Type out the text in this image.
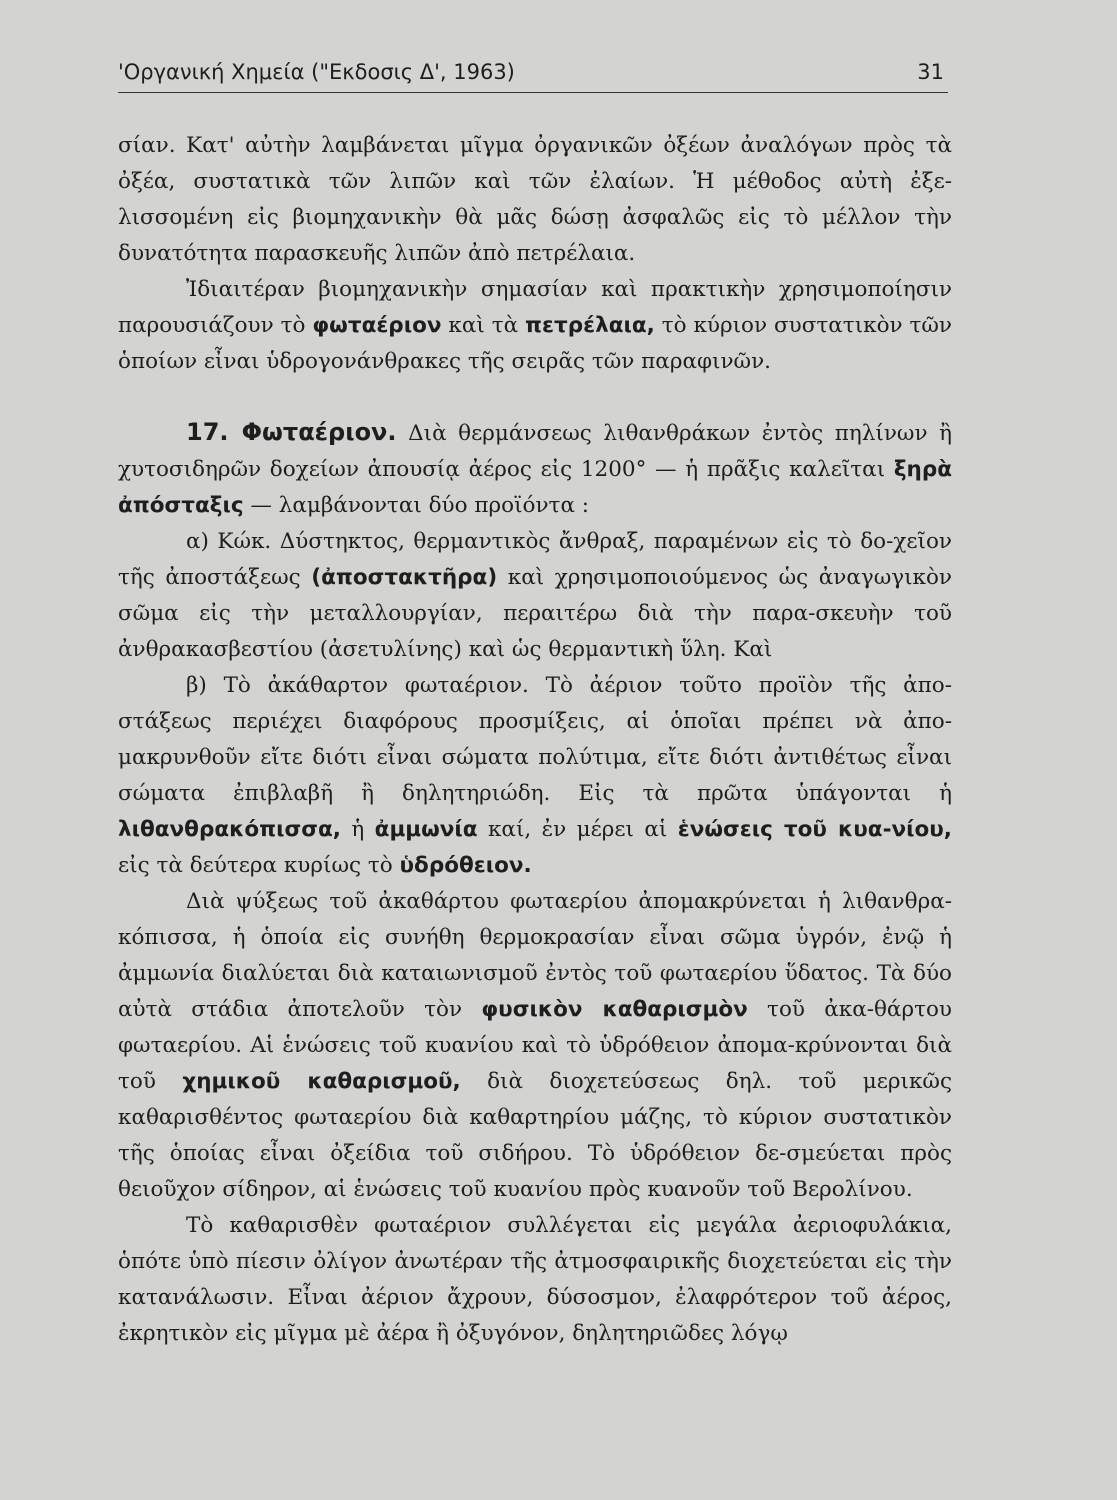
'Οργανική Χημεία ("Εκδοσις Δ', 1963)	31

σίαν. Κατ' αὐτὴν λαμβάνεται μῖγμα ὀργανικῶν ὀξέων ἀναλόγων πρὸς τὰ ὀξέα, συστατικὰ τῶν λιπῶν καὶ τῶν ἐλαίων. Ἡ μέθοδος αὐτὴ ἐξε-λισσομένη εἰς βιομηχανικὴν θὰ μᾶς δώσῃ ἀσφαλῶς εἰς τὸ μέλλον τὴν δυνατότητα παρασκευῆς λιπῶν ἀπὸ πετρέλαια.

Ἰδιαιτέραν βιομηχανικὴν σημασίαν καὶ πρακτικὴν χρησιμοποίησιν παρουσιάζουν τὸ φωταέριον καὶ τὰ πετρέλαια, τὸ κύριον συστατικὸν τῶν ὁποίων εἶναι ὑδρογονάνθρακες τῆς σειρᾶς τῶν παραφινῶν.

17. Φωταέριον. Διὰ θερμάνσεως λιθανθράκων ἐντὸς πηλίνων ἢ χυτοσιδηρῶν δοχείων ἀπουσίᾳ ἀέρος εἰς 1200° — ἡ πρᾶξις καλεῖται ξηρὰ ἀπόσταξις — λαμβάνονται δύο προϊόντα :

α) Κώκ. Δύστηκτος, θερμαντικὸς ἄνθραξ, παραμένων εἰς τὸ δο-χεῖον τῆς ἀποστάξεως (ἀποστακτῆρα) καὶ χρησιμοποιούμενος ὡς ἀναγωγικὸν σῶμα εἰς τὴν μεταλλουργίαν, περαιτέρω διὰ τὴν παρα-σκευὴν τοῦ ἀνθρακασβεστίου (ἀσετυλίνης) καὶ ὡς θερμαντικὴ ὕλη. Καὶ

β) Τὸ ἀκάθαρτον φωταέριον. Τὸ ἀέριον τοῦτο προϊὸν τῆς ἀπο-στάξεως περιέχει διαφόρους προσμίξεις, αἱ ὁποῖαι πρέπει νὰ ἀπο-μακρυνθοῦν εἴτε διότι εἶναι σώματα πολύτιμα, εἴτε διότι ἀντιθέτως εἶναι σώματα ἐπιβλαβῆ ἢ δηλητηριώδη. Εἰς τὰ πρῶτα ὑπάγονται ἡ λιθανθρακόπισσα, ἡ ἀμμωνία καί, ἐν μέρει αἱ ἑνώσεις τοῦ κυα-νίου, εἰς τὰ δεύτερα κυρίως τὸ ὑδρόθειον.

Διὰ ψύξεως τοῦ ἀκαθάρτου φωταερίου ἀπομακρύνεται ἡ λιθανθρα-κόπισσα, ἡ ὁποία εἰς συνήθη θερμοκρασίαν εἶναι σῶμα ὑγρόν, ἐνῷ ἡ ἀμμωνία διαλύεται διὰ καταιωνισμοῦ ἐντὸς τοῦ φωταερίου ὕδατος. Τὰ δύο αὐτὰ στάδια ἀποτελοῦν τὸν φυσικὸν καθαρισμὸν τοῦ ἀκα-θάρτου φωταερίου. Αἱ ἑνώσεις τοῦ κυανίου καὶ τὸ ὑδρόθειον ἀπομα-κρύνονται διὰ τοῦ χημικοῦ καθαρισμοῦ, διὰ διοχετεύσεως δηλ. τοῦ μερικῶς καθαρισθέντος φωταερίου διὰ καθαρτηρίου μάζης, τὸ κύριον συστατικὸν τῆς ὁποίας εἶναι ὀξείδια τοῦ σιδήρου. Τὸ ὑδρόθειον δε-σμεύεται πρὸς θειοῦχον σίδηρον, αἱ ἑνώσεις τοῦ κυανίου πρὸς κυανοῦν τοῦ Βερολίνου.

Τὸ καθαρισθὲν φωταέριον συλλέγεται εἰς μεγάλα ἀεριοφυλάκια, ὁπότε ὑπὸ πίεσιν ὀλίγον ἀνωτέραν τῆς ἀτμοσφαιρικῆς διοχετεύεται εἰς τὴν κατανάλωσιν. Εἶναι ἀέριον ἄχρουν, δύσοσμον, ἐλαφρότερον τοῦ ἀέρος, ἐκρητικὸν εἰς μῖγμα μὲ ἀέρα ἢ ὀξυγόνον, δηλητηριῶδες λόγῳ
